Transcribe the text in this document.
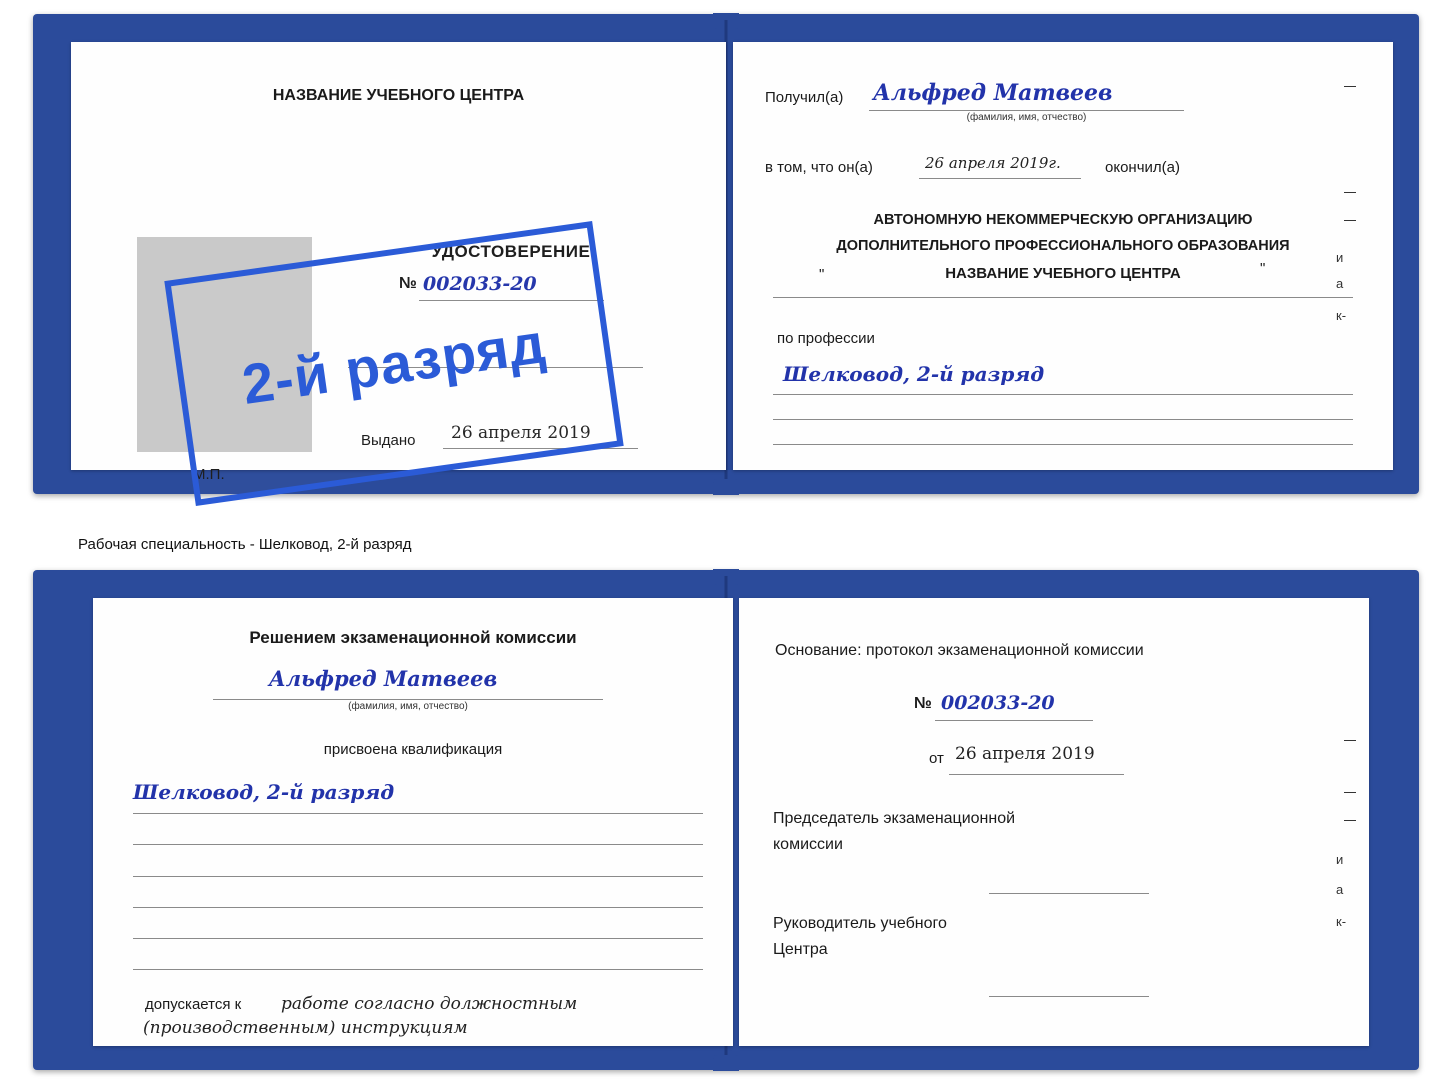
НАЗВАНИЕ УЧЕБНОГО ЦЕНТРА
УДОСТОВЕРЕНИЕ
№ 002033-20
Выдано 26 апреля 2019
М.П.
Получил(а) Альфред Матвеев
(фамилия, имя, отчество)
в том, что он(а)	26 апреля 2019г.	окончил(а)
АВТОНОМНУЮ НЕКОММЕРЧЕСКУЮ ОРГАНИЗАЦИЮ
ДОПОЛНИТЕЛЬНОГО ПРОФЕССИОНАЛЬНОГО ОБРАЗОВАНИЯ
"	НАЗВАНИЕ УЧЕБНОГО ЦЕНТРА	"
по профессии
Шелковод, 2-й разряд
и
а
к-
2-й разряд
Рабочая специальность - Шелковод, 2-й разряд
Решением экзаменационной комиссии
Альфред Матвеев
(фамилия, имя, отчество)
присвоена квалификация
Шелковод, 2-й разряд
допускается к работе согласно должностным
(производственным) инструкциям
Основание: протокол экзаменационной комиссии
№ 002033-20
от 26 апреля 2019
Председатель экзаменационной
комиссии
Руководитель учебного
Центра
и
а
к-
